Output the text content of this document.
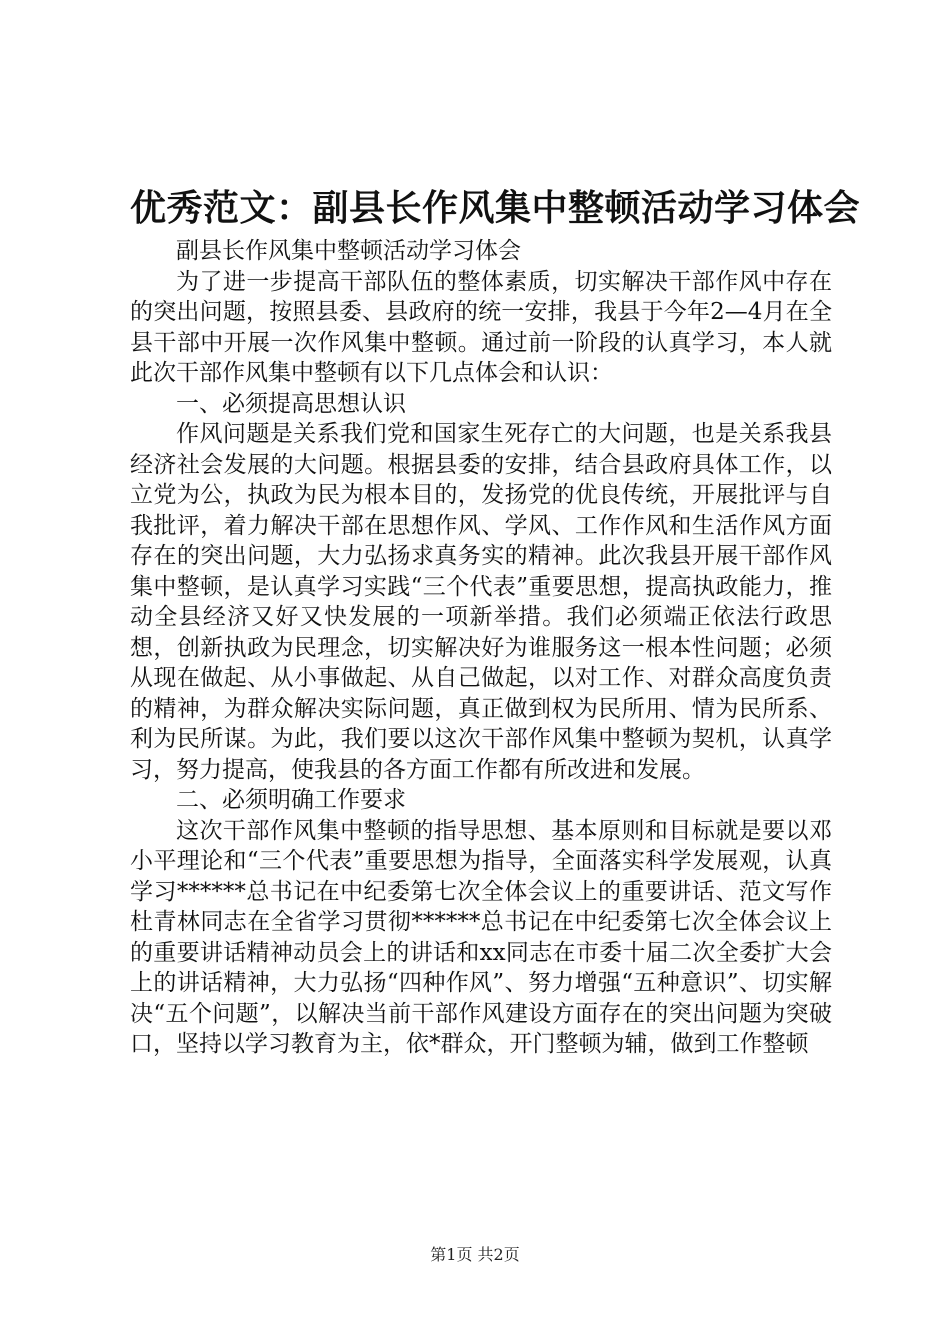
优秀范文：副县长作风集中整顿活动学习体会

副县长作风集中整顿活动学习体会

为了进一步提高干部队伍的整体素质，切实解决干部作风中存在的突出问题，按照县委、县政府的统一安排，我县于今年2—4月在全县干部中开展一次作风集中整顿。通过前一阶段的认真学习，本人就此次干部作风集中整顿有以下几点体会和认识：

一、必须提高思想认识

作风问题是关系我们党和国家生死存亡的大问题，也是关系我县经济社会发展的大问题。根据县委的安排，结合县政府具体工作，以立党为公，执政为民为根本目的，发扬党的优良传统，开展批评与自我批评，着力解决干部在思想作风、学风、工作作风和生活作风方面存在的突出问题，大力弘扬求真务实的精神。此次我县开展干部作风集中整顿，是认真学习实践“三个代表”重要思想，提高执政能力，推动全县经济又好又快发展的一项新举措。我们必须端正依法行政思想，创新执政为民理念，切实解决好为谁服务这一根本性问题；必须从现在做起、从小事做起、从自己做起，以对工作、对群众高度负责的精神，为群众解决实际问题，真正做到权为民所用、情为民所系、利为民所谋。为此，我们要以这次干部作风集中整顿为契机，认真学习，努力提高，使我县的各方面工作都有所改进和发展。

二、必须明确工作要求

这次干部作风集中整顿的指导思想、基本原则和目标就是要以邓小平理论和“三个代表”重要思想为指导，全面落实科学发展观，认真学习******总书记在中纪委第七次全体会议上的重要讲话、范文写作杜青林同志在全省学习贯彻******总书记在中纪委第七次全体会议上的重要讲话精神动员会上的讲话和xx同志在市委十届二次全委扩大会上的讲话精神，大力弘扬“四种作风”、努力增强“五种意识”、切实解决“五个问题”，以解决当前干部作风建设方面存在的突出问题为突破口，坚持以学习教育为主，依*群众，开门整顿为辅，做到工作整顿

第1页 共2页
